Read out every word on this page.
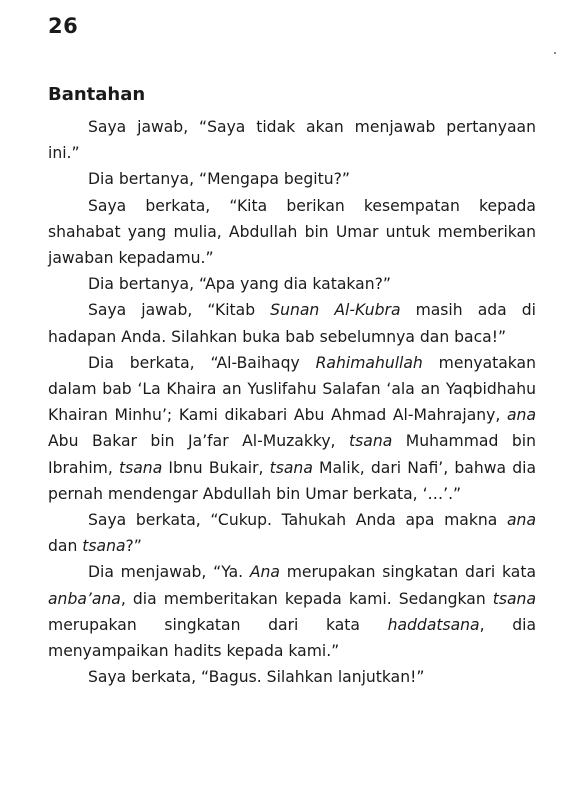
26
Bantahan

Saya jawab, “Saya tidak akan menjawab pertanyaan ini.”

Dia bertanya, “Mengapa begitu?”

Saya berkata, “Kita berikan kesempatan kepada shahabat yang mulia, Abdullah bin Umar untuk memberikan jawaban kepadamu.”

Dia bertanya, “Apa yang dia katakan?”

Saya jawab, “Kitab Sunan Al-Kubra masih ada di hadapan Anda. Silahkan buka bab sebelumnya dan baca!”

Dia berkata, “Al-Baihaqy Rahimahullah menyatakan dalam bab ‘La Khaira an Yuslifahu Salafan ‘ala an Yaqbidhahu Khairan Minhu’; Kami dikabari Abu Ahmad Al-Mahrajany, ana Abu Bakar bin Ja’far Al-Muzakky, tsana Muhammad bin Ibrahim, tsana Ibnu Bukair, tsana Malik, dari Nafi’, bahwa dia pernah mendengar Abdullah bin Umar berkata, ‘…’.”

Saya berkata, “Cukup. Tahukah Anda apa makna ana dan tsana?”

Dia menjawab, “Ya. Ana merupakan singkatan dari kata anba’ana, dia memberitakan kepada kami. Sedangkan tsana merupakan singkatan dari kata haddatsana, dia menyampaikan hadits kepada kami.”

Saya berkata, “Bagus. Silahkan lanjutkan!”
